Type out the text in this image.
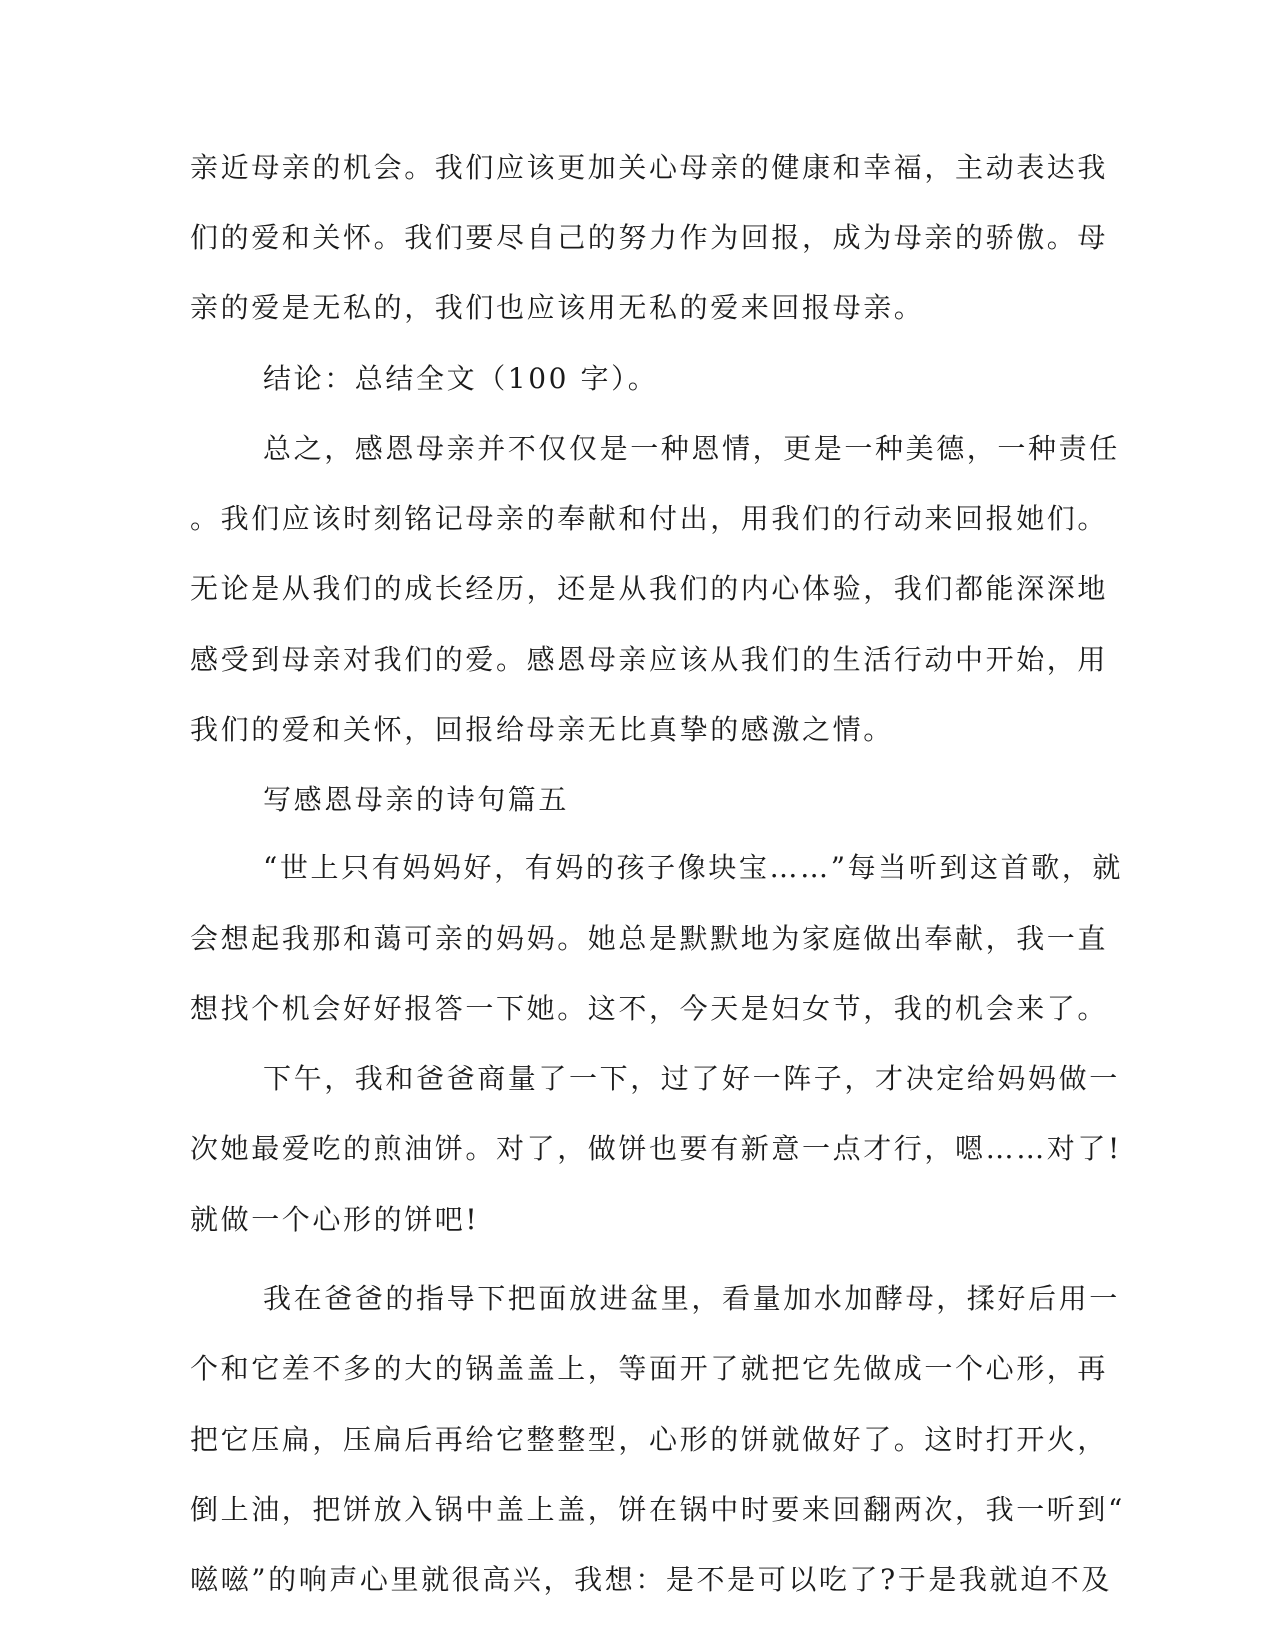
亲近母亲的机会。我们应该更加关心母亲的健康和幸福，主动表达我
们的爱和关怀。我们要尽自己的努力作为回报，成为母亲的骄傲。母
亲的爱是无私的，我们也应该用无私的爱来回报母亲。
结论：总结全文（100 字）。
总之，感恩母亲并不仅仅是一种恩情，更是一种美德，一种责任
。我们应该时刻铭记母亲的奉献和付出，用我们的行动来回报她们。
无论是从我们的成长经历，还是从我们的内心体验，我们都能深深地
感受到母亲对我们的爱。感恩母亲应该从我们的生活行动中开始，用
我们的爱和关怀，回报给母亲无比真挚的感激之情。
写感恩母亲的诗句篇五
“世上只有妈妈好，有妈的孩子像块宝……”每当听到这首歌，就
会想起我那和蔼可亲的妈妈。她总是默默地为家庭做出奉献，我一直
想找个机会好好报答一下她。这不，今天是妇女节，我的机会来了。
下午，我和爸爸商量了一下，过了好一阵子，才决定给妈妈做一
次她最爱吃的煎油饼。对了，做饼也要有新意一点才行，嗯……对了!
就做一个心形的饼吧!
我在爸爸的指导下把面放进盆里，看量加水加酵母，揉好后用一
个和它差不多的大的锅盖盖上，等面开了就把它先做成一个心形，再
把它压扁，压扁后再给它整整型，心形的饼就做好了。这时打开火，
倒上油，把饼放入锅中盖上盖，饼在锅中时要来回翻两次，我一听到“
嗞嗞”的响声心里就很高兴，我想：是不是可以吃了?于是我就迫不及
